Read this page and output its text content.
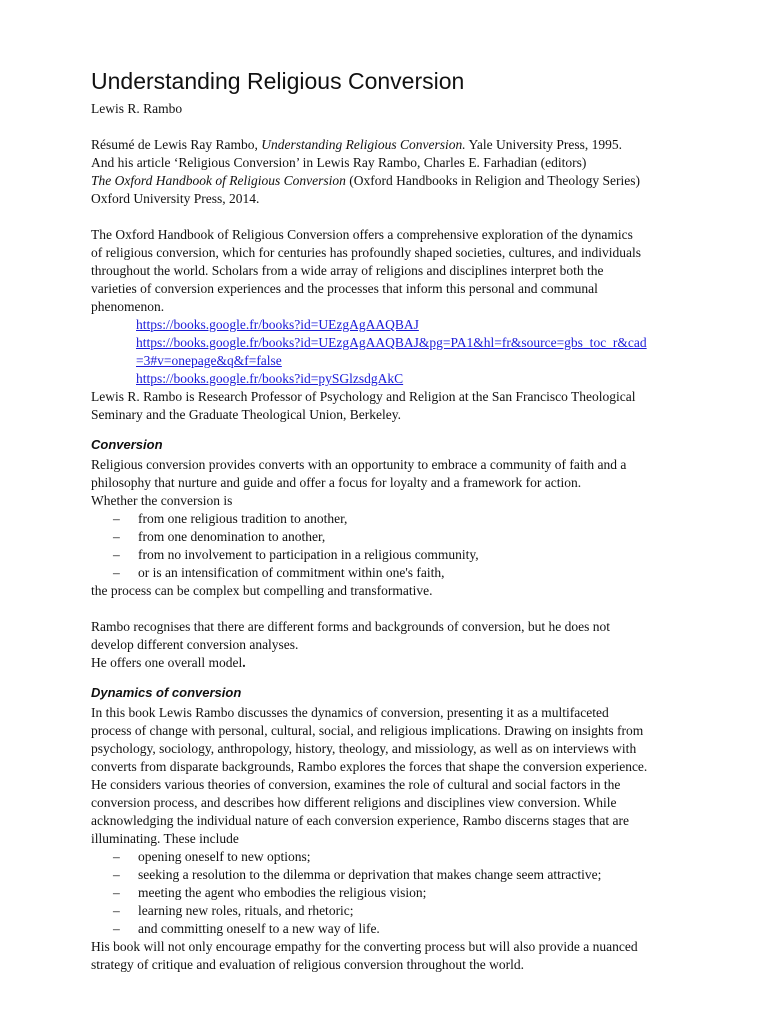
Understanding Religious Conversion
Lewis R. Rambo
Résumé de Lewis Ray Rambo, Understanding Religious Conversion. Yale University Press, 1995.
And his article ‘Religious Conversion’ in Lewis Ray Rambo, Charles E. Farhadian (editors)
The Oxford Handbook of Religious Conversion (Oxford Handbooks in Religion and Theology Series)
Oxford University Press, 2014.
The Oxford Handbook of Religious Conversion offers a comprehensive exploration of the dynamics
of religious conversion, which for centuries has profoundly shaped societies, cultures, and individuals
throughout the world. Scholars from a wide array of religions and disciplines interpret both the
varieties of conversion experiences and the processes that inform this personal and communal
phenomenon.
https://books.google.fr/books?id=UEzgAgAAQBAJ
https://books.google.fr/books?id=UEzgAgAAQBAJ&pg=PA1&hl=fr&source=gbs_toc_r&cad
=3#v=onepage&q&f=false
https://books.google.fr/books?id=pySGlzsdgAkC
Lewis R. Rambo is Research Professor of Psychology and Religion at the San Francisco Theological
Seminary and the Graduate Theological Union, Berkeley.
Conversion
Religious conversion provides converts with an opportunity to embrace a community of faith and a
philosophy that nurture and guide and offer a focus for loyalty and a framework for action.
Whether the conversion is
– from one religious tradition to another,
– from one denomination to another,
– from no involvement to participation in a religious community,
– or is an intensification of commitment within one's faith,
the process can be complex but compelling and transformative.
Rambo recognises that there are different forms and backgrounds of conversion, but he does not
develop different conversion analyses.
He offers one overall model.
Dynamics of conversion
In this book Lewis Rambo discusses the dynamics of conversion, presenting it as a multifaceted
process of change with personal, cultural, social, and religious implications. Drawing on insights from
psychology, sociology, anthropology, history, theology, and missiology, as well as on interviews with
converts from disparate backgrounds, Rambo explores the forces that shape the conversion experience.
He considers various theories of conversion, examines the role of cultural and social factors in the
conversion process, and describes how different religions and disciplines view conversion. While
acknowledging the individual nature of each conversion experience, Rambo discerns stages that are
illuminating. These include
– opening oneself to new options;
– seeking a resolution to the dilemma or deprivation that makes change seem attractive;
– meeting the agent who embodies the religious vision;
– learning new roles, rituals, and rhetoric;
– and committing oneself to a new way of life.
His book will not only encourage empathy for the converting process but will also provide a nuanced
strategy of critique and evaluation of religious conversion throughout the world.
